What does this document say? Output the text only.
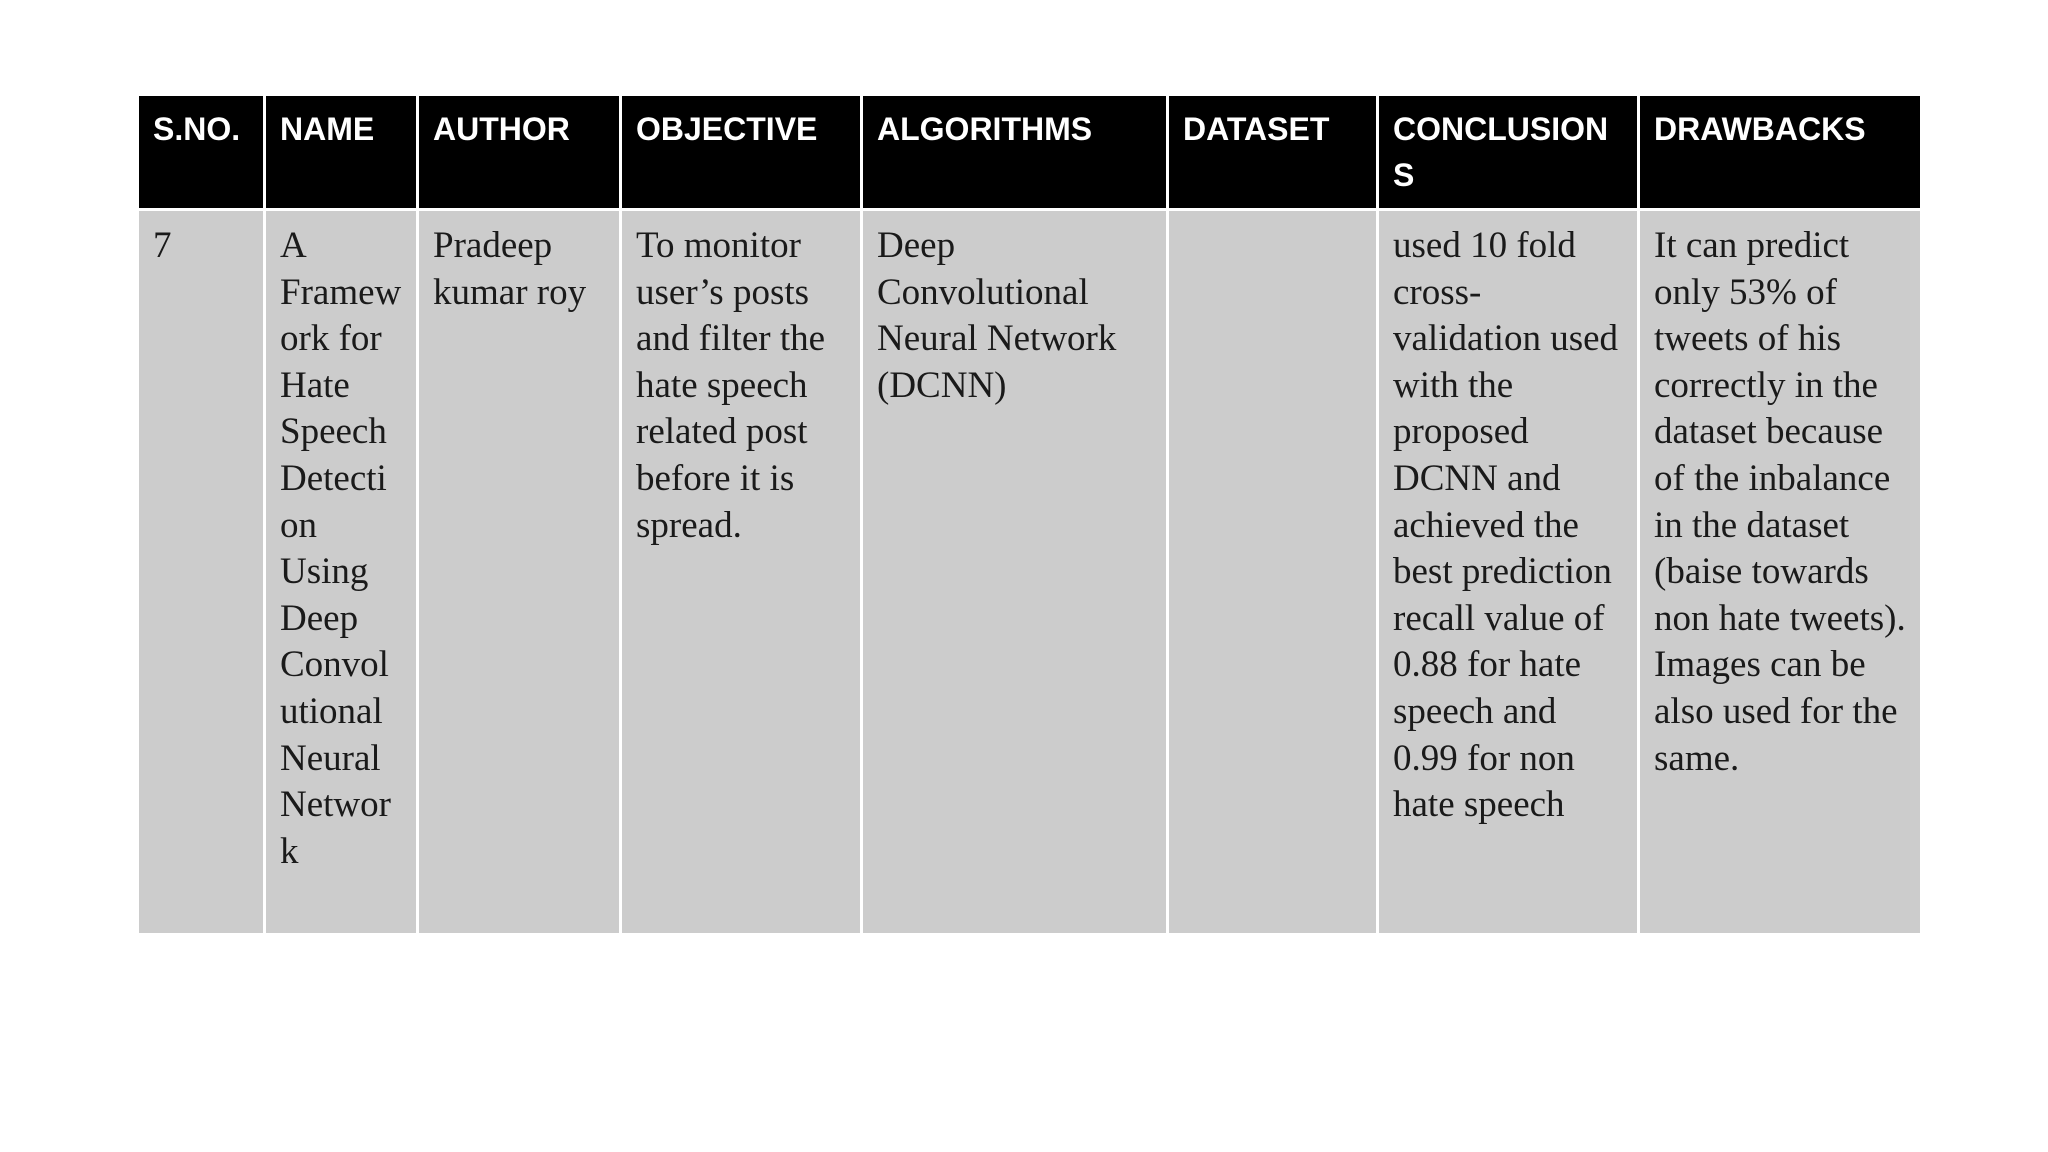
S.NO.	NAME	AUTHOR	OBJECTIVE	ALGORITHMS	DATASET	CONCLUSIONS	DRAWBACKS
7	A Framework for Hate Speech Detection Using Deep Convolutional Neural Network	Pradeep kumar roy	To monitor user’s posts and filter the hate speech related post before it is spread.	Deep Convolutional Neural Network (DCNN)		used 10 fold cross-validation used with the proposed DCNN and achieved the best prediction recall value of 0.88 for hate speech and 0.99 for non hate speech	It can predict only 53% of tweets of his correctly in the dataset because of the inbalance in the dataset (baise towards non hate tweets). Images can be also used for the same.
